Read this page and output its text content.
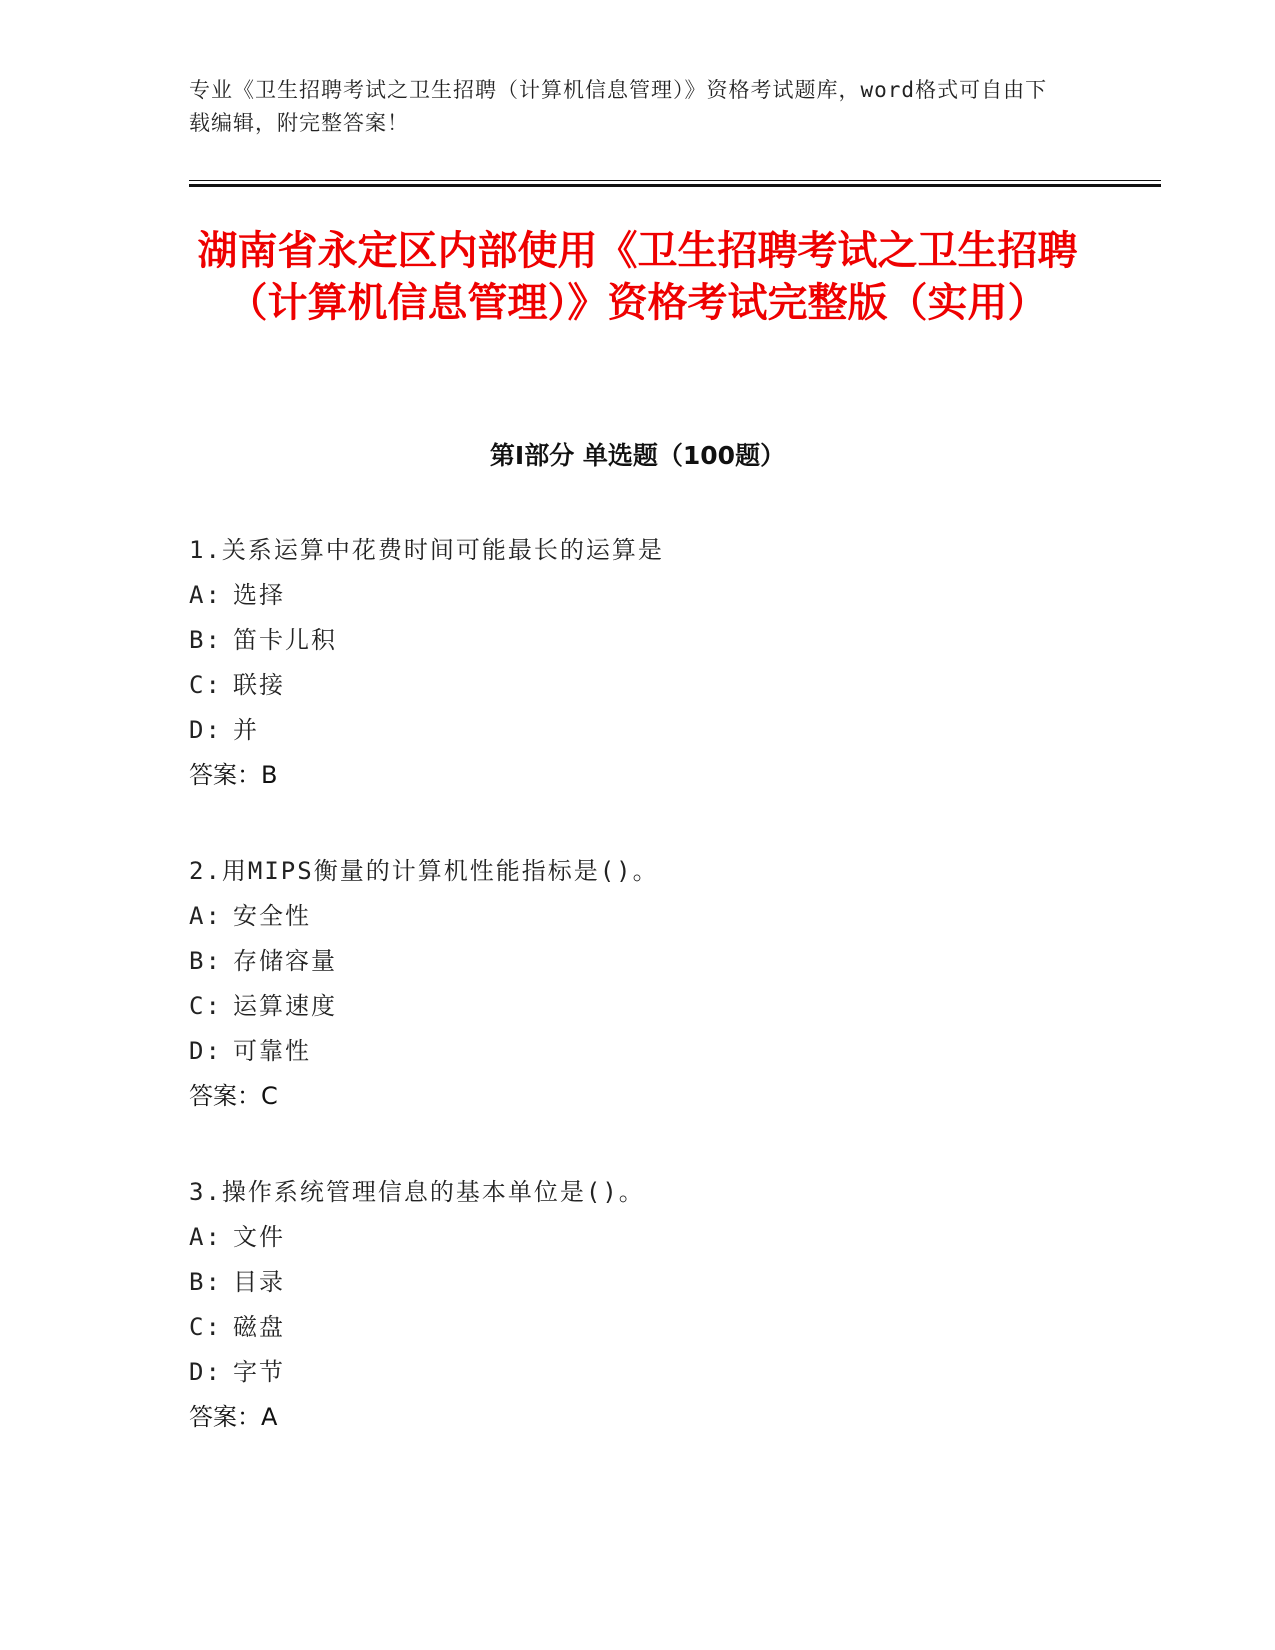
专业《卫生招聘考试之卫生招聘（计算机信息管理）》资格考试题库，word格式可自由下载编辑，附完整答案！
湖南省永定区内部使用《卫生招聘考试之卫生招聘（计算机信息管理）》资格考试完整版（实用）
第Ⅰ部分 单选题（100题）
1.关系运算中花费时间可能最长的运算是
A: 选择
B: 笛卡儿积
C: 联接
D: 并
答案：B
2.用MIPS衡量的计算机性能指标是()。
A: 安全性
B: 存储容量
C: 运算速度
D: 可靠性
答案：C
3.操作系统管理信息的基本单位是()。
A: 文件
B: 目录
C: 磁盘
D: 字节
答案：A
